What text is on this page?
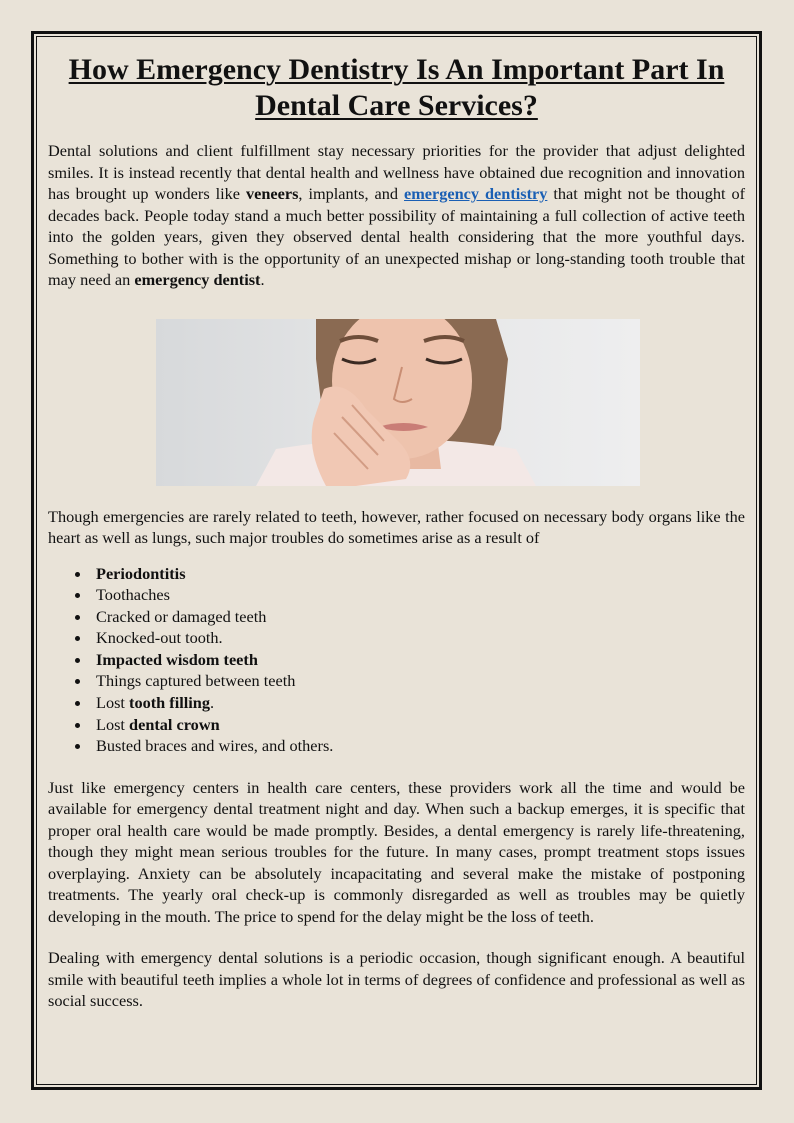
How Emergency Dentistry Is An Important Part In Dental Care Services?

Dental solutions and client fulfillment stay necessary priorities for the provider that adjust delighted smiles. It is instead recently that dental health and wellness have obtained due recognition and innovation has brought up wonders like veneers, implants, and emergency dentistry that might not be thought of decades back. People today stand a much better possibility of maintaining a full collection of active teeth into the golden years, given they observed dental health considering that the more youthful days. Something to bother with is the opportunity of an unexpected mishap or long-standing tooth trouble that may need an emergency dentist.

Though emergencies are rarely related to teeth, however, rather focused on necessary body organs like the heart as well as lungs, such major troubles do sometimes arise as a result of

Periodontitis
Toothaches
Cracked or damaged teeth
Knocked-out tooth.
Impacted wisdom teeth
Things captured between teeth
Lost tooth filling.
Lost dental crown
Busted braces and wires, and others.

Just like emergency centers in health care centers, these providers work all the time and would be available for emergency dental treatment night and day. When such a backup emerges, it is specific that proper oral health care would be made promptly. Besides, a dental emergency is rarely life-threatening, though they might mean serious troubles for the future. In many cases, prompt treatment stops issues overplaying. Anxiety can be absolutely incapacitating and several make the mistake of postponing treatments. The yearly oral check-up is commonly disregarded as well as troubles may be quietly developing in the mouth. The price to spend for the delay might be the loss of teeth.

Dealing with emergency dental solutions is a periodic occasion, though significant enough. A beautiful smile with beautiful teeth implies a whole lot in terms of degrees of confidence and professional as well as social success.
